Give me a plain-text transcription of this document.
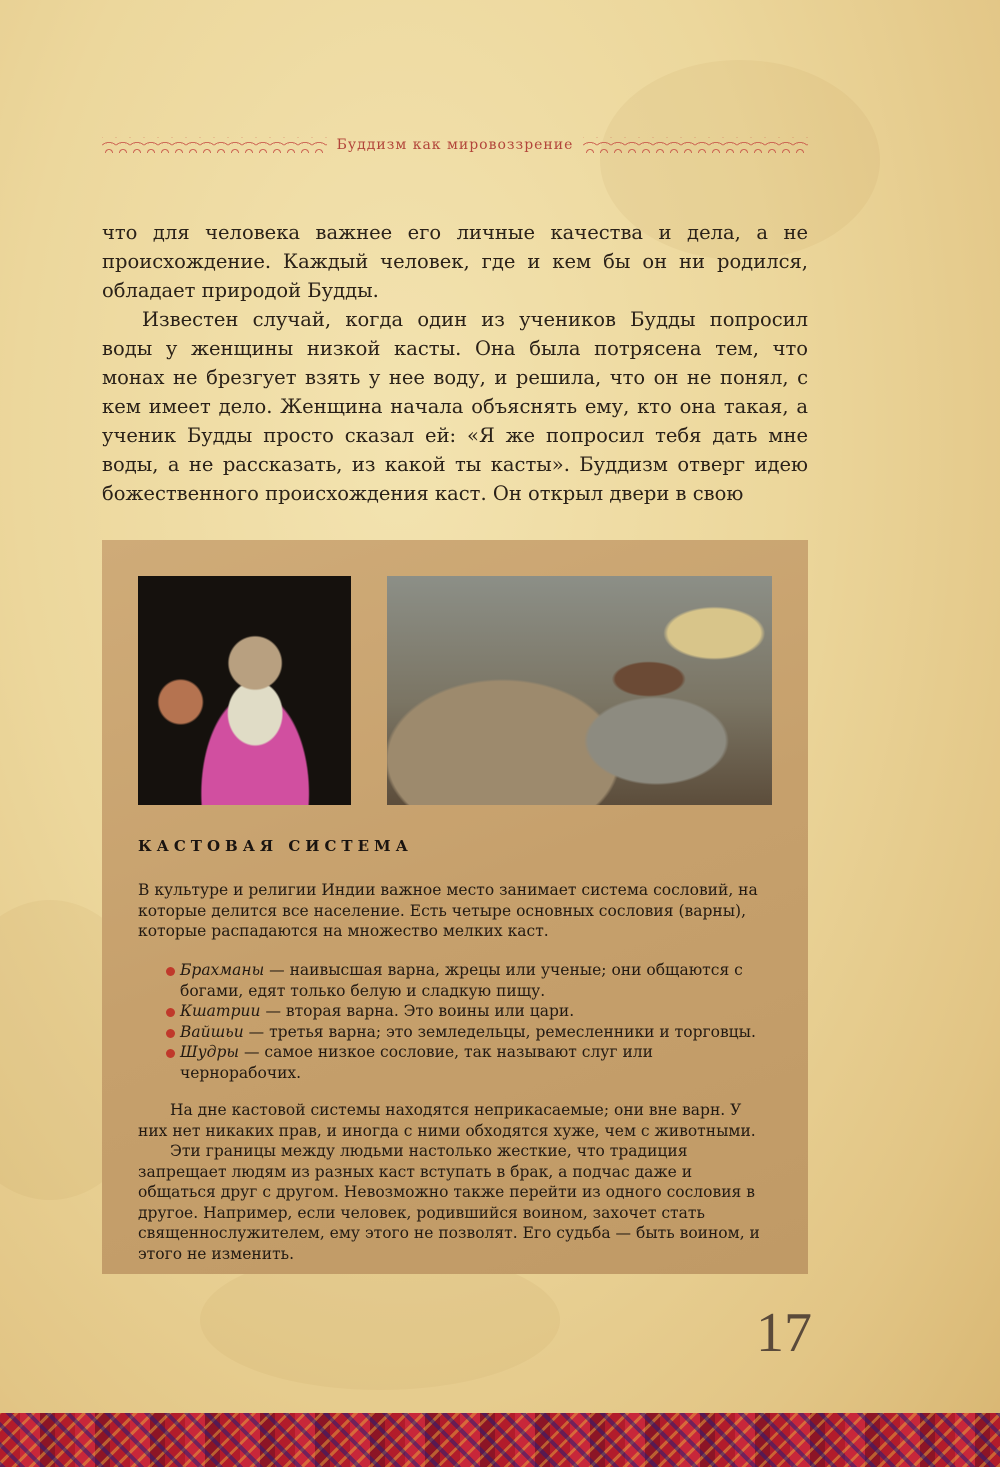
Буддизм как мировоззрение

что для человека важнее его личные качества и дела, а не происхождение. Каждый человек, где и кем бы он ни родился, обладает природой Будды.

Известен случай, когда один из учеников Будды попросил воды у женщины низкой касты. Она была потрясена тем, что монах не брезгует взять у нее воду, и решила, что он не понял, с кем имеет дело. Женщина начала объяснять ему, кто она такая, а ученик Будды просто сказал ей: «Я же попросил тебя дать мне воды, а не рассказать, из какой ты касты». Буддизм отверг идею божественного происхождения каст. Он открыл двери в свою

КАСТОВАЯ СИСТЕМА

В культуре и религии Индии важное место занимает система сословий, на которые делится все население. Есть четыре основных сословия (варны), которые распадаются на множество мелких каст.

Брахманы — наивысшая варна, жрецы или ученые; они общаются с богами, едят только белую и сладкую пищу.
Кшатрии — вторая варна. Это воины или цари.
Вайшьи — третья варна; это земледельцы, ремесленники и торговцы.
Шудры — самое низкое сословие, так называют слуг или чернорабочих.

На дне кастовой системы находятся неприкасаемые; они вне варн. У них нет никаких прав, и иногда с ними обходятся хуже, чем с животными.

Эти границы между людьми настолько жесткие, что традиция запрещает людям из разных каст вступать в брак, а подчас даже и общаться друг с другом. Невозможно также перейти из одного сословия в другое. Например, если человек, родившийся воином, захочет стать священнослужителем, ему этого не позволят. Его судьба — быть воином, и этого не изменить.

17
